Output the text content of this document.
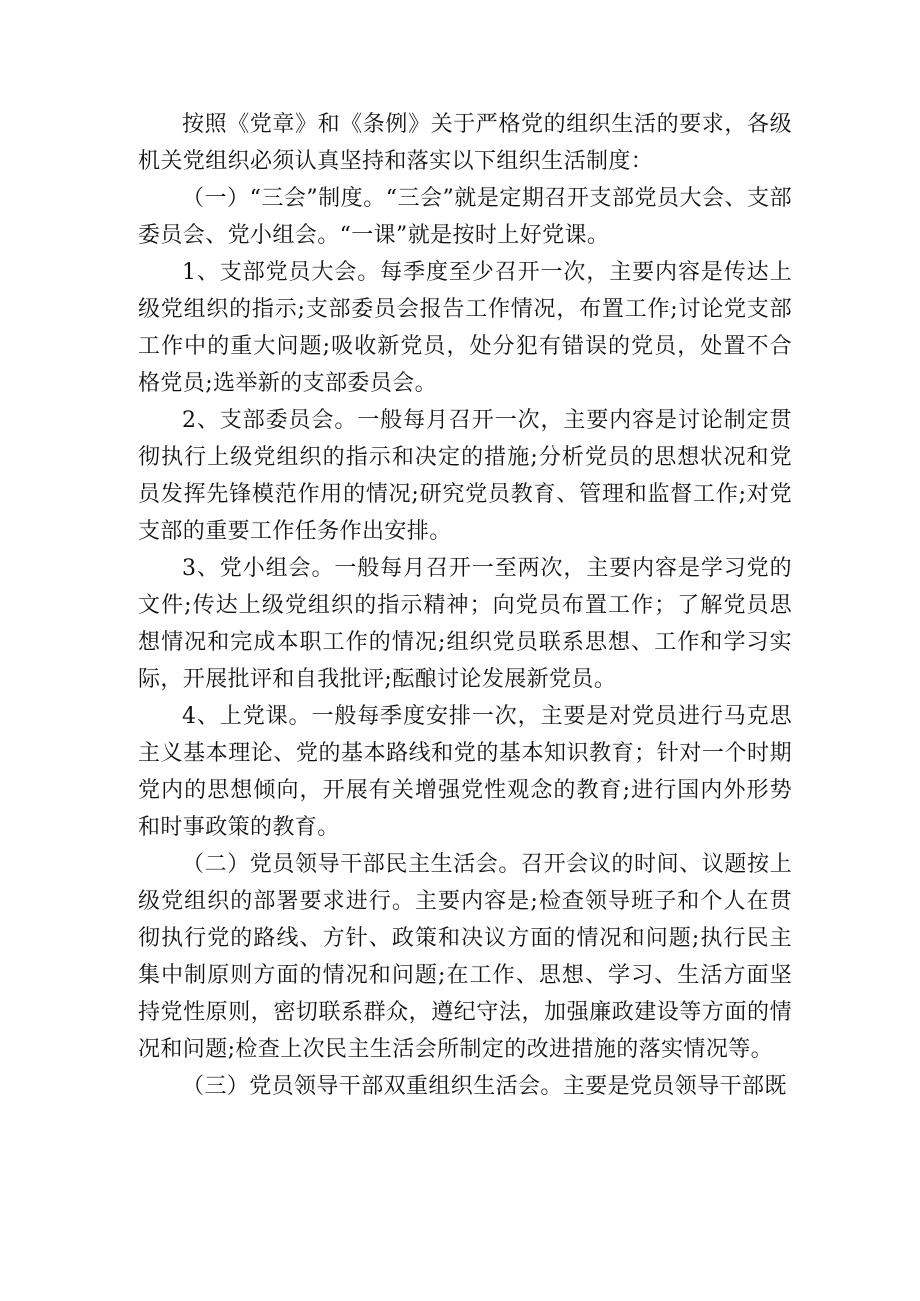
按照《党章》和《条例》关于严格党的组织生活的要求，各级机关党组织必须认真坚持和落实以下组织生活制度：

（一）“三会”制度。“三会”就是定期召开支部党员大会、支部委员会、党小组会。“一课”就是按时上好党课。

1、支部党员大会。每季度至少召开一次，主要内容是传达上级党组织的指示;支部委员会报告工作情况，布置工作;讨论党支部工作中的重大问题;吸收新党员，处分犯有错误的党员，处置不合格党员;选举新的支部委员会。

2、支部委员会。一般每月召开一次，主要内容是讨论制定贯彻执行上级党组织的指示和决定的措施;分析党员的思想状况和党员发挥先锋模范作用的情况;研究党员教育、管理和监督工作;对党支部的重要工作任务作出安排。

3、党小组会。一般每月召开一至两次，主要内容是学习党的文件;传达上级党组织的指示精神；向党员布置工作；了解党员思想情况和完成本职工作的情况;组织党员联系思想、工作和学习实际，开展批评和自我批评;酝酿讨论发展新党员。

4、上党课。一般每季度安排一次，主要是对党员进行马克思主义基本理论、党的基本路线和党的基本知识教育；针对一个时期党内的思想倾向，开展有关增强党性观念的教育;进行国内外形势和时事政策的教育。

（二）党员领导干部民主生活会。召开会议的时间、议题按上级党组织的部署要求进行。主要内容是;检查领导班子和个人在贯彻执行党的路线、方针、政策和决议方面的情况和问题;执行民主集中制原则方面的情况和问题;在工作、思想、学习、生活方面坚持党性原则，密切联系群众，遵纪守法，加强廉政建设等方面的情况和问题;检查上次民主生活会所制定的改进措施的落实情况等。

（三）党员领导干部双重组织生活会。主要是党员领导干部既
